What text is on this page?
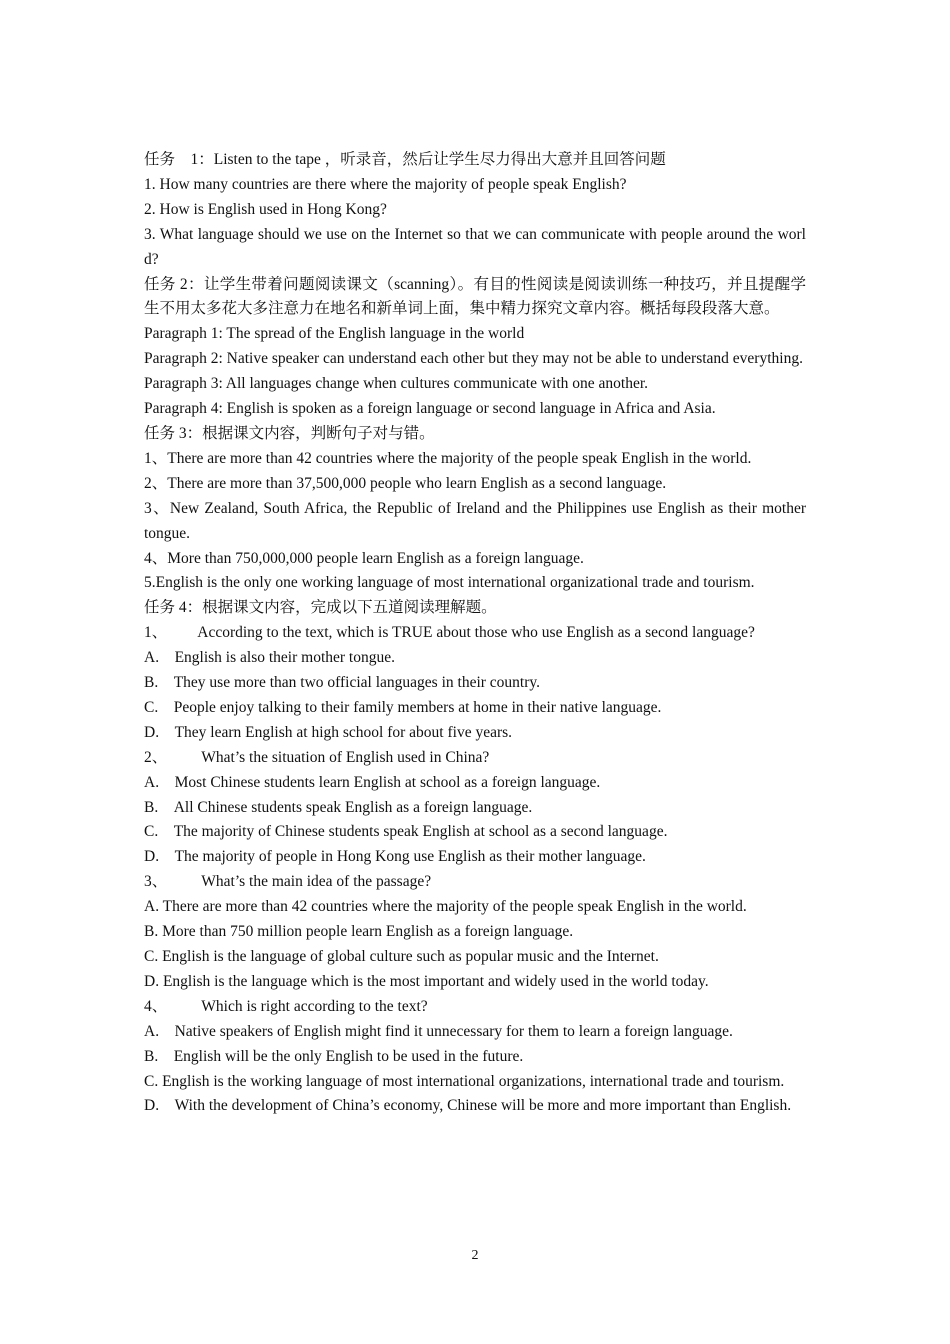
任务　1：Listen to the tape ，听录音，然后让学生尽力得出大意并且回答问题
1. How many countries are there where the majority of people speak English?
2. How is English used in Hong Kong?
3. What language should we use on the Internet so that we can communicate with people around the world?
任务 2：让学生带着问题阅读课文（scanning）。有目的性阅读是阅读训练一种技巧，并且提醒学生不用太多花大多注意力在地名和新单词上面，集中精力探究文章内容。概括每段段落大意。
Paragraph 1: The spread of the English language in the world
Paragraph 2: Native speaker can understand each other but they may not be able to understand everything.
Paragraph 3: All languages change when cultures communicate with one another.
Paragraph 4: English is spoken as a foreign language or second language in Africa and Asia.
任务 3：根据课文内容，判断句子对与错。
1、There are more than 42 countries where the majority of the people speak English in the world.
2、There are more than 37,500,000 people who learn English as a second language.
3、New Zealand, South Africa, the Republic of Ireland and the Philippines use English as their mother tongue.
4、More than 750,000,000 people learn English as a foreign language.
5.English is the only one working language of most international organizational trade and tourism.
任务 4：根据课文内容，完成以下五道阅读理解题。
1、 According to the text, which is TRUE about those who use English as a second language?
A.　English is also their mother tongue.
B.　They use more than two official languages in their country.
C.　People enjoy talking to their family members at home in their native language.
D.　They learn English at high school for about five years.
2、 What’s the situation of English used in China?
A.　Most Chinese students learn English at school as a foreign language.
B.　All Chinese students speak English as a foreign language.
C.　The majority of Chinese students speak English at school as a second language.
D.　The majority of people in Hong Kong use English as their mother language.
3、 What’s the main idea of the passage?
A. There are more than 42 countries where the majority of the people speak English in the world.
B. More than 750 million people learn English as a foreign language.
C. English is the language of global culture such as popular music and the Internet.
D. English is the language which is the most important and widely used in the world today.
4、 Which is right according to the text?
A.　Native speakers of English might find it unnecessary for them to learn a foreign language.
B.　English will be the only English to be used in the future.
C. English is the working language of most international organizations, international trade and tourism.
D.　With the development of China’s economy, Chinese will be more and more important than English.
2
